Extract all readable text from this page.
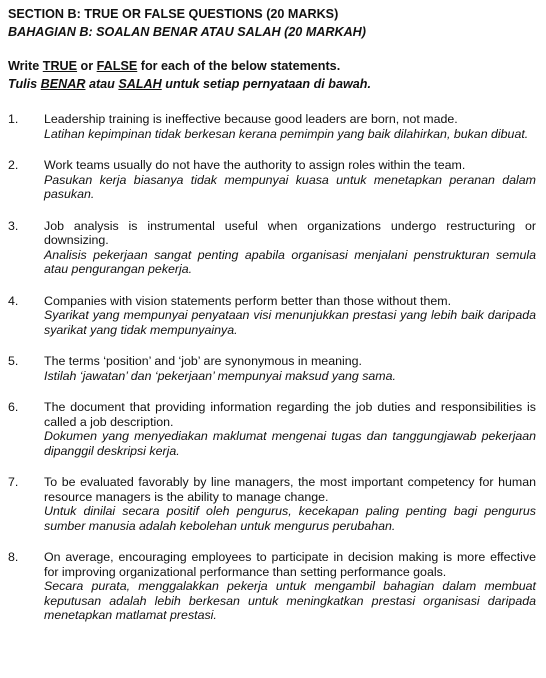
SECTION B: TRUE OR FALSE QUESTIONS (20 MARKS)

BAHAGIAN B: SOALAN BENAR ATAU SALAH (20 MARKAH)

Write TRUE or FALSE for each of the below statements.

Tulis BENAR atau SALAH untuk setiap pernyataan di bawah.

1.	Leadership training is ineffective because good leaders are born, not made.

Latihan kepimpinan tidak berkesan kerana pemimpin yang baik dilahirkan, bukan dibuat.

2.	Work teams usually do not have the authority to assign roles within the team.

Pasukan kerja biasanya tidak mempunyai kuasa untuk menetapkan peranan dalam pasukan.

3.	Job analysis is instrumental useful when organizations undergo restructuring or downsizing.

Analisis pekerjaan sangat penting apabila organisasi menjalani penstrukturan semula atau pengurangan pekerja.

4.	Companies with vision statements perform better than those without them.

Syarikat yang mempunyai penyataan visi menunjukkan prestasi yang lebih baik daripada syarikat yang tidak mempunyainya.

5.	The terms ‘position’ and ‘job’ are synonymous in meaning.

Istilah ‘jawatan’ dan ‘pekerjaan’ mempunyai maksud yang sama.

6.	The document that providing information regarding the job duties and responsibilities is called a job description.

Dokumen yang menyediakan maklumat mengenai tugas dan tanggungjawab pekerjaan dipanggil deskripsi kerja.

7.	To be evaluated favorably by line managers, the most important competency for human resource managers is the ability to manage change.

Untuk dinilai secara positif oleh pengurus, kecekapan paling penting bagi pengurus sumber manusia adalah kebolehan untuk mengurus perubahan.

8.	On average, encouraging employees to participate in decision making is more effective for improving organizational performance than setting performance goals.

Secara purata, menggalakkan pekerja untuk mengambil bahagian dalam membuat keputusan adalah lebih berkesan untuk meningkatkan prestasi organisasi daripada menetapkan matlamat prestasi.
